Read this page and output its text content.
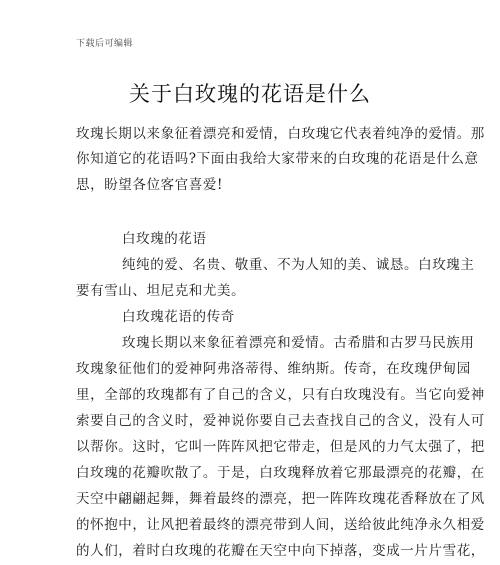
下载后可编辑
关于白玫瑰的花语是什么
玫瑰长期以来象征着漂亮和爱情，白玫瑰它代表着纯净的爱情。那
你知道它的花语吗?下面由我给大家带来的白玫瑰的花语是什么意
思，盼望各位客官喜爱!
白玫瑰的花语
纯纯的爱、名贵、敬重、不为人知的美、诚恳。白玫瑰主
要有雪山、坦尼克和尤美。
白玫瑰花语的传奇
玫瑰长期以来象征着漂亮和爱情。古希腊和古罗马民族用
玫瑰象征他们的爱神阿弗洛蒂得、维纳斯。传奇，在玫瑰伊甸园
里，全部的玫瑰都有了自己的含义，只有白玫瑰没有。当它向爱神
索要自己的含义时，爱神说你要自己去查找自己的含义，没有人可
以帮你。这时，它叫一阵阵风把它带走，但是风的力气太强了，把
白玫瑰的花瓣吹散了。于是，白玫瑰释放着它那最漂亮的花瓣，在
天空中翩翩起舞，舞着最终的漂亮，把一阵阵玫瑰花香释放在了风
的怀抱中，让风把着最终的漂亮带到人间，送给彼此纯净永久相爱
的人们，着时白玫瑰的花瓣在天空中向下掉落，变成一片片雪花，
